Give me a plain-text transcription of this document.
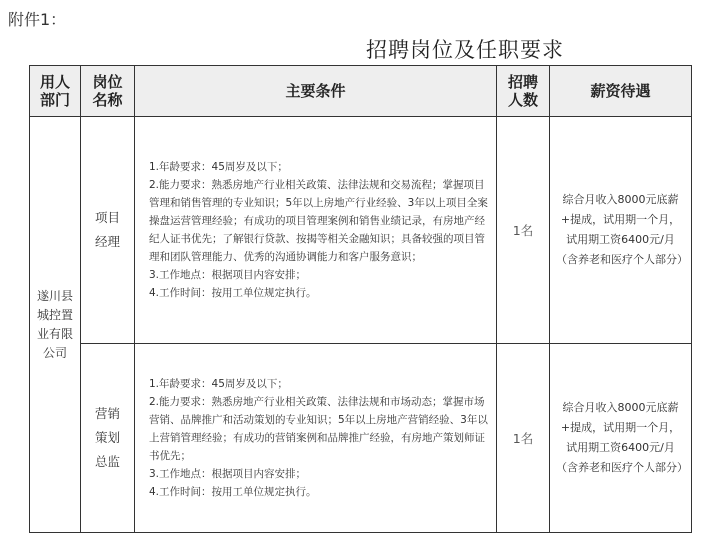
附件1：
招聘岗位及任职要求
用人部门	岗位名称	主要条件	招聘人数	薪资待遇
遂川县城控置业有限公司	项目经理	1.年龄要求：45周岁及以下；

2.能力要求：熟悉房地产行业相关政策、法律法规和交易流程；掌握项目管理和销售管理的专业知识；5年以上房地产行业经验、3年以上项目全案操盘运营管理经验；有成功的项目管理案例和销售业绩记录，有房地产经纪人证书优先；了解银行贷款、按揭等相关金融知识；具备较强的项目管理和团队管理能力、优秀的沟通协调能力和客户服务意识；

3.工作地点：根据项目内容安排；

4.工作时间：按用工单位规定执行。	1名	综合月收入8000元底薪+提成，试用期一个月，试用期工资6400元/月（含养老和医疗个人部分）
	营销策划总监	1.年龄要求：45周岁及以下；

2.能力要求：熟悉房地产行业相关政策、法律法规和市场动态；掌握市场营销、品牌推广和活动策划的专业知识；5年以上房地产营销经验、3年以上营销管理经验；有成功的营销案例和品牌推广经验，有房地产策划师证书优先；

3.工作地点：根据项目内容安排；

4.工作时间：按用工单位规定执行。	1名	综合月收入8000元底薪+提成，试用期一个月，试用期工资6400元/月（含养老和医疗个人部分）
